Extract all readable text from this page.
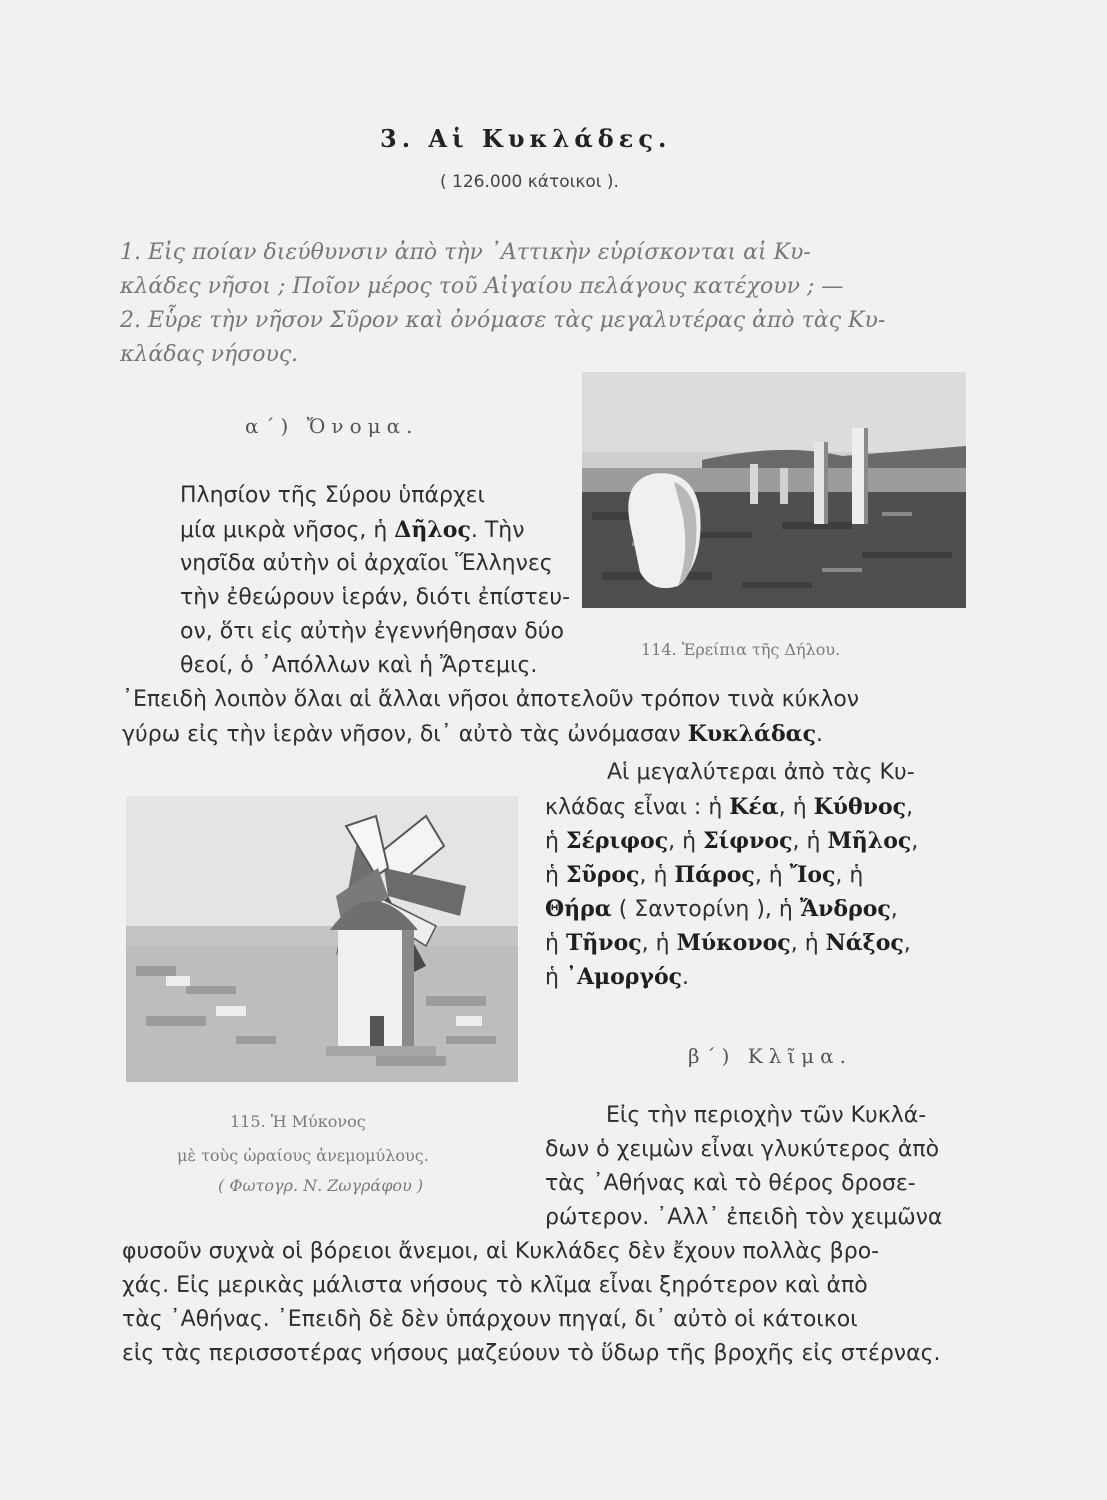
3. Αἱ Κυκλάδες.
( 126.000 κάτοικοι ).
1. Εἰς ποίαν διεύθυνσιν ἀπὸ τὴν ᾿Αττικὴν εὑρίσκονται αἱ Κυ-
κλάδες νῆσοι ; Ποῖον μέρος τοῦ Αἰγαίου πελάγους κατέχουν ; —
2. Εὗρε τὴν νῆσον Σῦρον καὶ ὀνόμασε τὰς μεγαλυτέρας ἀπὸ τὰς Κυ-
κλάδας νήσους.
α΄) Ὄνομα.
Πλησίον τῆς Σύρου ὑπάρχει
μία μικρὰ νῆσος, ἡ Δῆλος. Τὴν
νησῖδα αὐτὴν οἱ ἀρχαῖοι Ἕλληνες
τὴν ἐθεώρουν ἱεράν, διότι ἐπίστευ-
ον, ὅτι εἰς αὐτὴν ἐγεννήθησαν δύο
θεοί, ὁ ᾿Απόλλων καὶ ἡ Ἄρτεμις.
᾿Επειδὴ λοιπὸν ὅλαι αἱ ἄλλαι νῆσοι ἀποτελοῦν τρόπον τινὰ κύκλον
γύρω εἰς τὴν ἱερὰν νῆσον, δι᾿ αὐτὸ τὰς ὠνόμασαν Κυκλάδας.
114. Ἐρείπια τῆς Δήλου.
Αἱ μεγαλύτεραι ἀπὸ τὰς Κυ-
κλάδας εἶναι : ἡ Κέα, ἡ Κύθνος,
ἡ Σέριφος, ἡ Σίφνος, ἡ Μῆλος,
ἡ Σῦρος, ἡ Πάρος, ἡ Ἴος, ἡ
Θήρα ( Σαντορίνη ), ἡ Ἄνδρος,
ἡ Τῆνος, ἡ Μύκονος, ἡ Νάξος,
ἡ ᾿Αμοργός.
115. Ἡ Μύκονος
μὲ τοὺς ὡραίους ἀνεμομύλους.
( Φωτογρ. Ν. Ζωγράφου )
β΄) Κλῖμα.
Εἰς τὴν περιοχὴν τῶν Κυκλά-
δων ὁ χειμὼν εἶναι γλυκύτερος ἀπὸ
τὰς ᾿Αθήνας καὶ τὸ θέρος δροσε-
ρώτερον. ᾿Αλλ᾿ ἐπειδὴ τὸν χειμῶνα
φυσοῦν συχνὰ οἱ βόρειοι ἄνεμοι, αἱ Κυκλάδες δὲν ἔχουν πολλὰς βρο-
χάς. Εἰς μερικὰς μάλιστα νήσους τὸ κλῖμα εἶναι ξηρότερον καὶ ἀπὸ
τὰς ᾿Αθήνας. ᾿Επειδὴ δὲ δὲν ὑπάρχουν πηγαί, δι᾿ αὐτὸ οἱ κάτοικοι
εἰς τὰς περισσοτέρας νήσους μαζεύουν τὸ ὕδωρ τῆς βροχῆς εἰς στέρνας.
